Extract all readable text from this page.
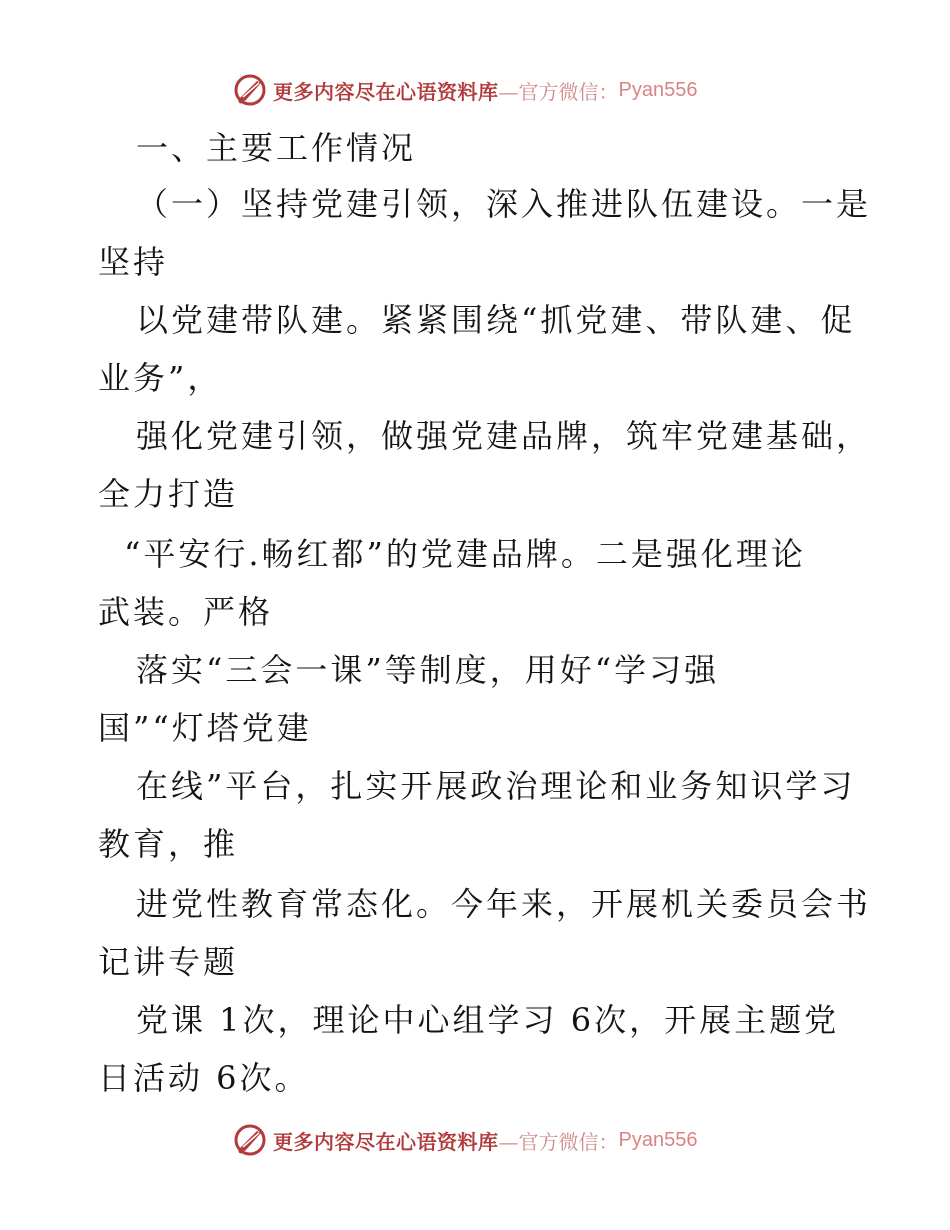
更多内容尽在心语资料库 —官方微信： Pyan556
一、主要工作情况
（一）坚持党建引领，深入推进队伍建设。一是
坚持
以党建带队建。紧紧围绕“抓党建、带队建、促
业务”，
强化党建引领，做强党建品牌，筑牢党建基础，
全力打造
“平安行.畅红都”的党建品牌。二是强化理论
武装。严格
落实“三会一课”等制度，用好“学习强
国”“灯塔党建
在线”平台，扎实开展政治理论和业务知识学习
教育，推
进党性教育常态化。今年来，开展机关委员会书
记讲专题
党课 1次，理论中心组学习 6次，开展主题党
日活动 6次。
更多内容尽在心语资料库 —官方微信： Pyan556
